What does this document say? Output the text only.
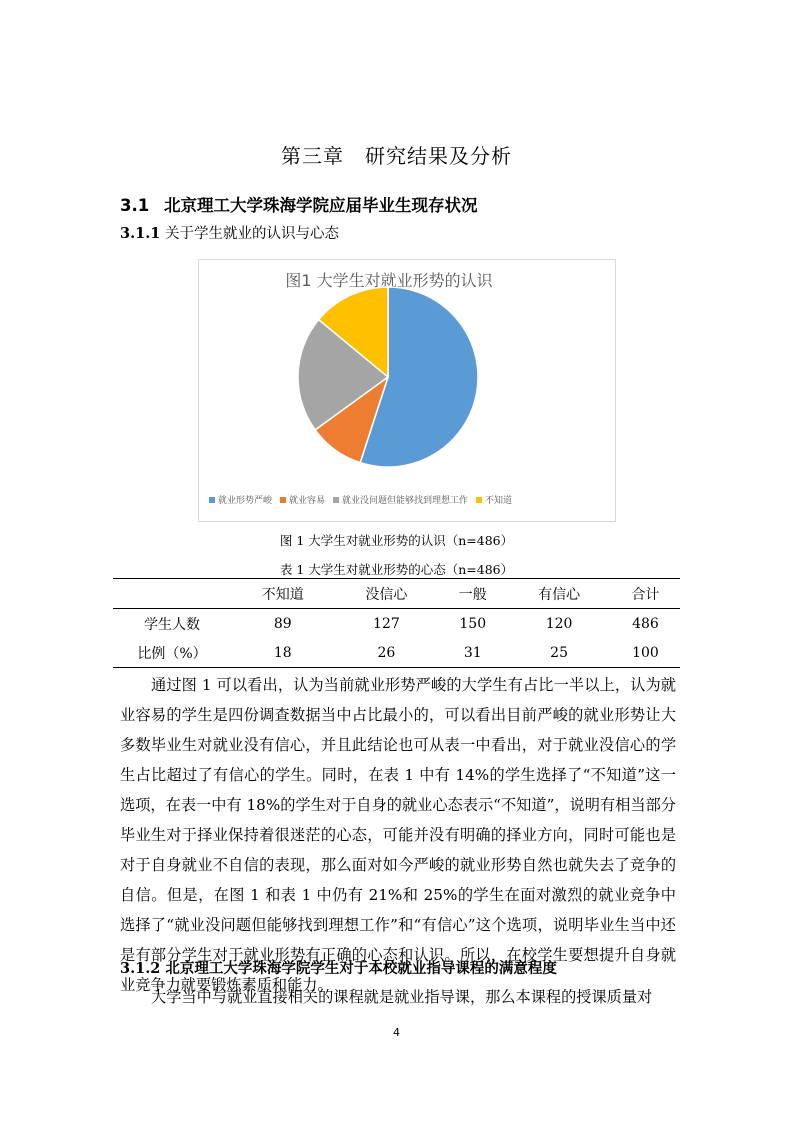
第三章　研究结果及分析
3.1 北京理工大学珠海学院应届毕业生现存状况
3.1.1 关于学生就业的认识与心态
图1 大学生对就业形势的认识
就业形势严峻 就业容易 就业没问题但能够找到理想工作 不知道
图 1 大学生对就业形势的认识（n=486）
表 1 大学生对就业形势的心态（n=486）
	不知道	没信心	一般	有信心	合计
学生人数	89	127	150	120	486
比例（%）	18	26	31	25	100

通过图 1 可以看出，认为当前就业形势严峻的大学生有占比一半以上，认为就业容易的学生是四份调查数据当中占比最小的，可以看出目前严峻的就业形势让大多数毕业生对就业没有信心，并且此结论也可从表一中看出，对于就业没信心的学生占比超过了有信心的学生。同时，在表 1 中有 14%的学生选择了“不知道”这一选项，在表一中有 18%的学生对于自身的就业心态表示“不知道”，说明有相当部分毕业生对于择业保持着很迷茫的心态，可能并没有明确的择业方向，同时可能也是对于自身就业不自信的表现，那么面对如今严峻的就业形势自然也就失去了竞争的自信。但是，在图 1 和表 1 中仍有 21%和 25%的学生在面对激烈的就业竞争中选择了“就业没问题但能够找到理想工作”和“有信心”这个选项，说明毕业生当中还是有部分学生对于就业形势有正确的心态和认识。所以，在校学生要想提升自身就业竞争力就要锻炼素质和能力。

3.1.2 北京理工大学珠海学院学生对于本校就业指导课程的满意程度

大学当中与就业直接相关的课程就是就业指导课，那么本课程的授课质量对

4
